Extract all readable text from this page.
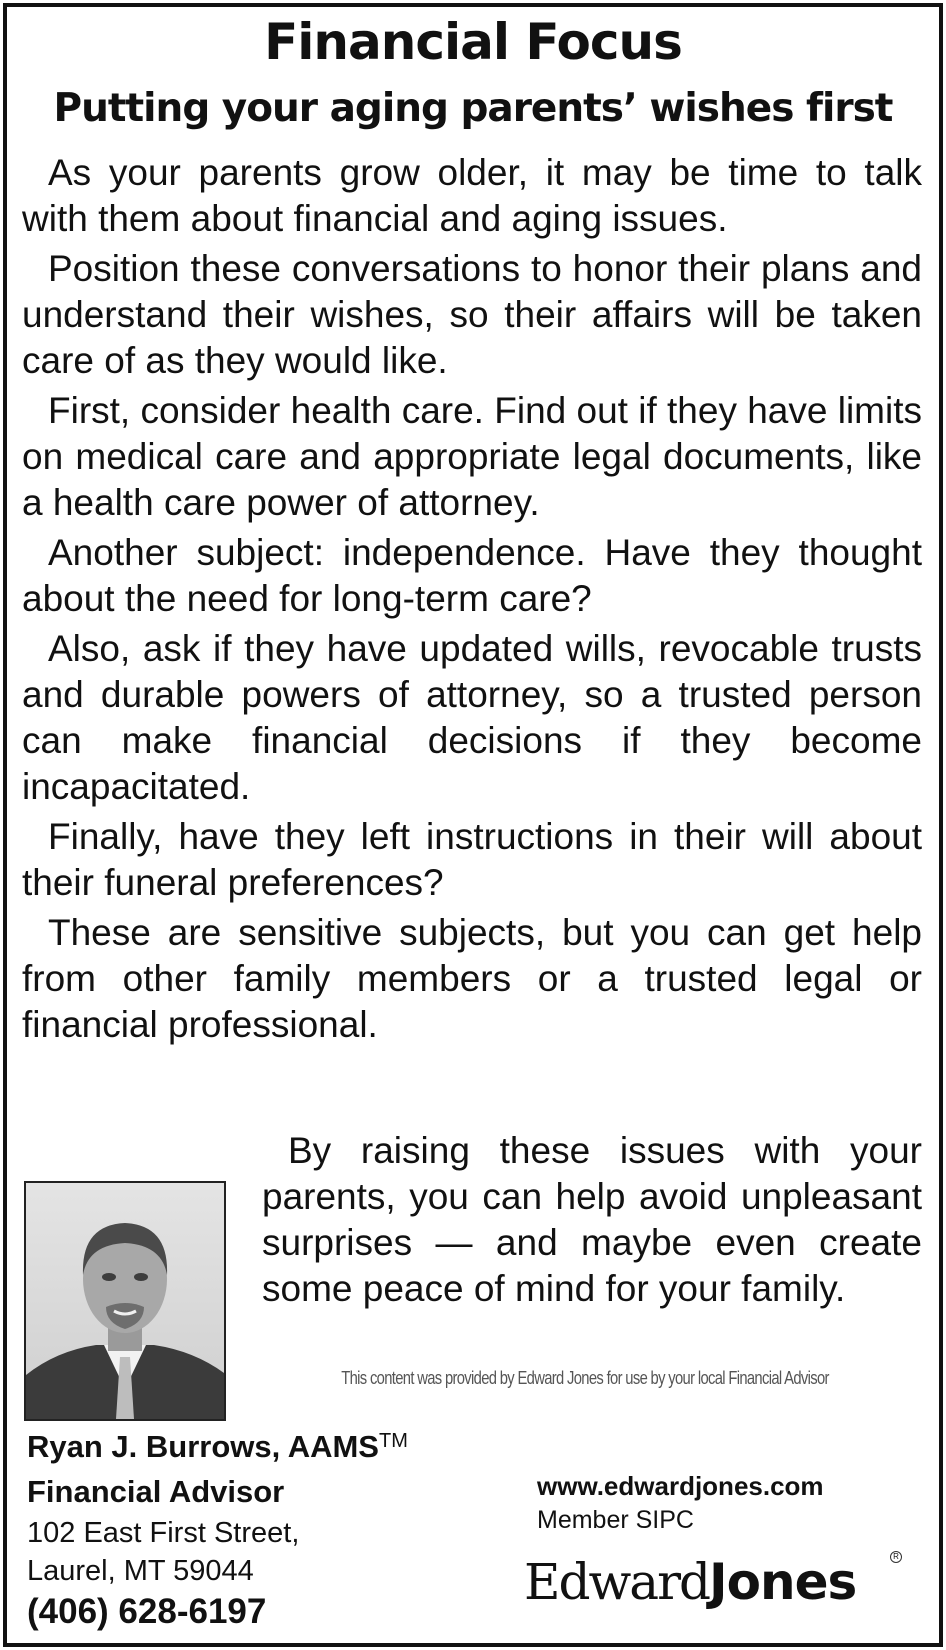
Financial Focus
Putting your aging parents’ wishes first

As your parents grow older, it may be time to talk with them about financial and aging issues.

Position these conversations to honor their plans and understand their wishes, so their affairs will be taken care of as they would like.

First, consider health care. Find out if they have limits on medical care and appropriate legal documents, like a health care power of attorney.

Another subject: independence. Have they thought about the need for long-term care?

Also, ask if they have updated wills, revocable trusts and durable powers of attorney, so a trusted person can make financial decisions if they become incapacitated.

Finally, have they left instructions in their will about their funeral preferences?

These are sensitive subjects, but you can get help from other family members or a trusted legal or financial professional.

By raising these issues with your parents, you can help avoid unpleasant surprises — and maybe even create some peace of mind for your family.
This content was provided by Edward Jones for use by your local Financial Advisor
Ryan J. Burrows, AAMS™
Financial Advisor
102 East First Street,
Laurel, MT 59044
(406) 628-6197
www.edwardjones.com
Member SIPC
EdwardJones	R
